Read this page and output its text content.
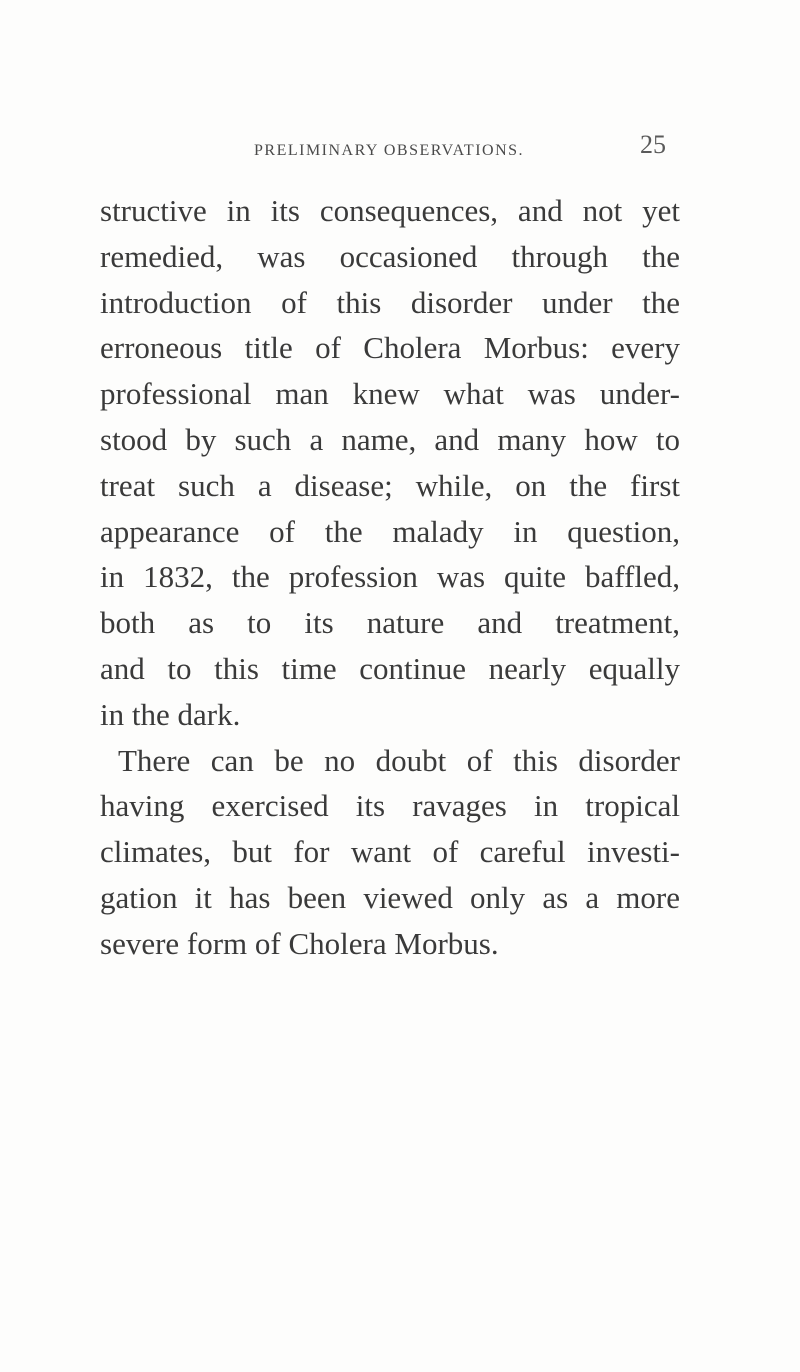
PRELIMINARY OBSERVATIONS.	25
structive in its consequences, and not yet
remedied, was occasioned through the
introduction of this disorder under the
erroneous title of Cholera Morbus: every
professional man knew what was under-
stood by such a name, and many how to
treat such a disease; while, on the first
appearance of the malady in question,
in 1832, the profession was quite baffled,
both as to its nature and treatment,
and to this time continue nearly equally
in the dark.
There can be no doubt of this disorder
having exercised its ravages in tropical
climates, but for want of careful investi-
gation it has been viewed only as a more
severe form of Cholera Morbus.
